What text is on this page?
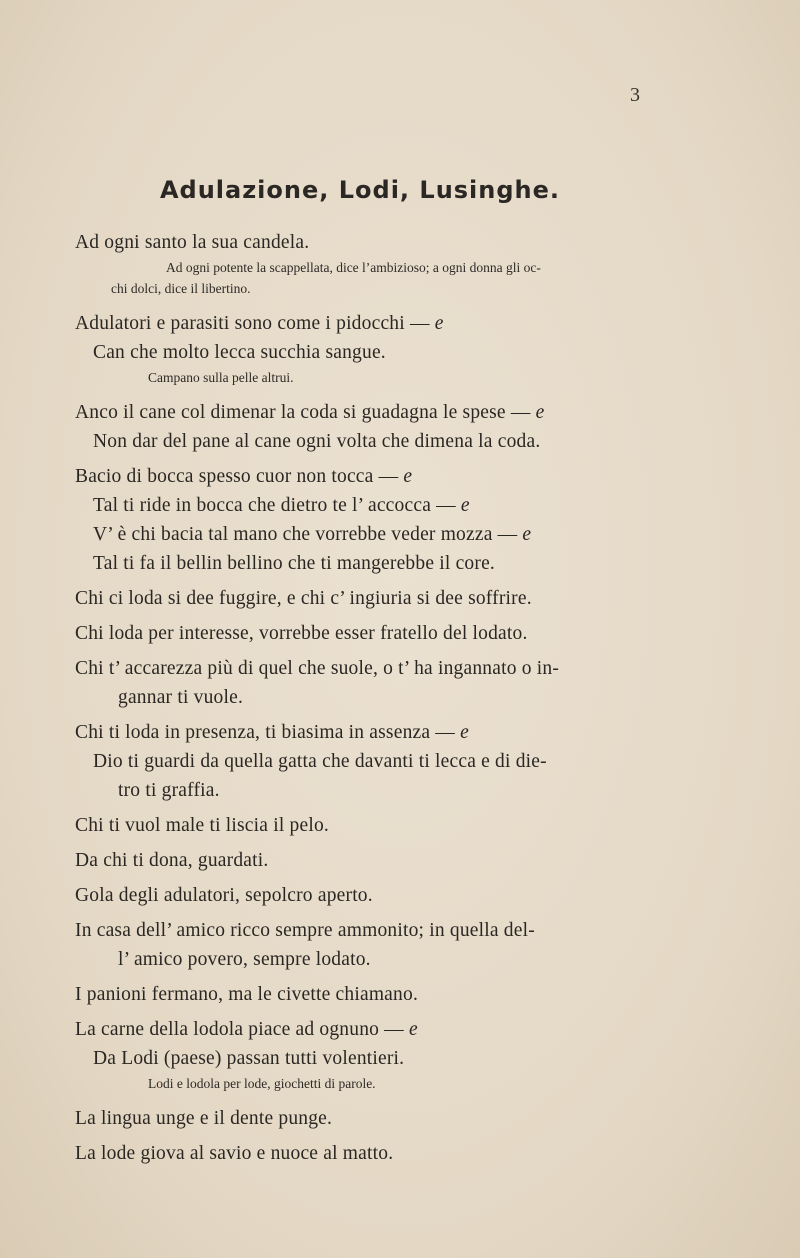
3
Adulazione, Lodi, Lusinghe.
Ad ogni santo la sua candela.
Ad ogni potente la scappellata, dice l’ambizioso; a ogni donna gli oc-
chi dolci, dice il libertino.
Adulatori e parasiti sono come i pidocchi — e
Can che molto lecca succhia sangue.
Campano sulla pelle altrui.
Anco il cane col dimenar la coda si guadagna le spese — e
Non dar del pane al cane ogni volta che dimena la coda.
Bacio di bocca spesso cuor non tocca — e
Tal ti ride in bocca che dietro te l’ accocca — e
V’ è chi bacia tal mano che vorrebbe veder mozza — e
Tal ti fa il bellin bellino che ti mangerebbe il core.
Chi ci loda si dee fuggire, e chi c’ ingiuria si dee soffrire.
Chi loda per interesse, vorrebbe esser fratello del lodato.
Chi t’ accarezza più di quel che suole, o t’ ha ingannato o in-
gannar ti vuole.
Chi ti loda in presenza, ti biasima in assenza — e
Dio ti guardi da quella gatta che davanti ti lecca e di die-
tro ti graffia.
Chi ti vuol male ti liscia il pelo.
Da chi ti dona, guardati.
Gola degli adulatori, sepolcro aperto.
In casa dell’ amico ricco sempre ammonito; in quella del-
l’ amico povero, sempre lodato.
I panioni fermano, ma le civette chiamano.
La carne della lodola piace ad ognuno — e
Da Lodi (paese) passan tutti volentieri.
Lodi e lodola per lode, giochetti di parole.
La lingua unge e il dente punge.
La lode giova al savio e nuoce al matto.
